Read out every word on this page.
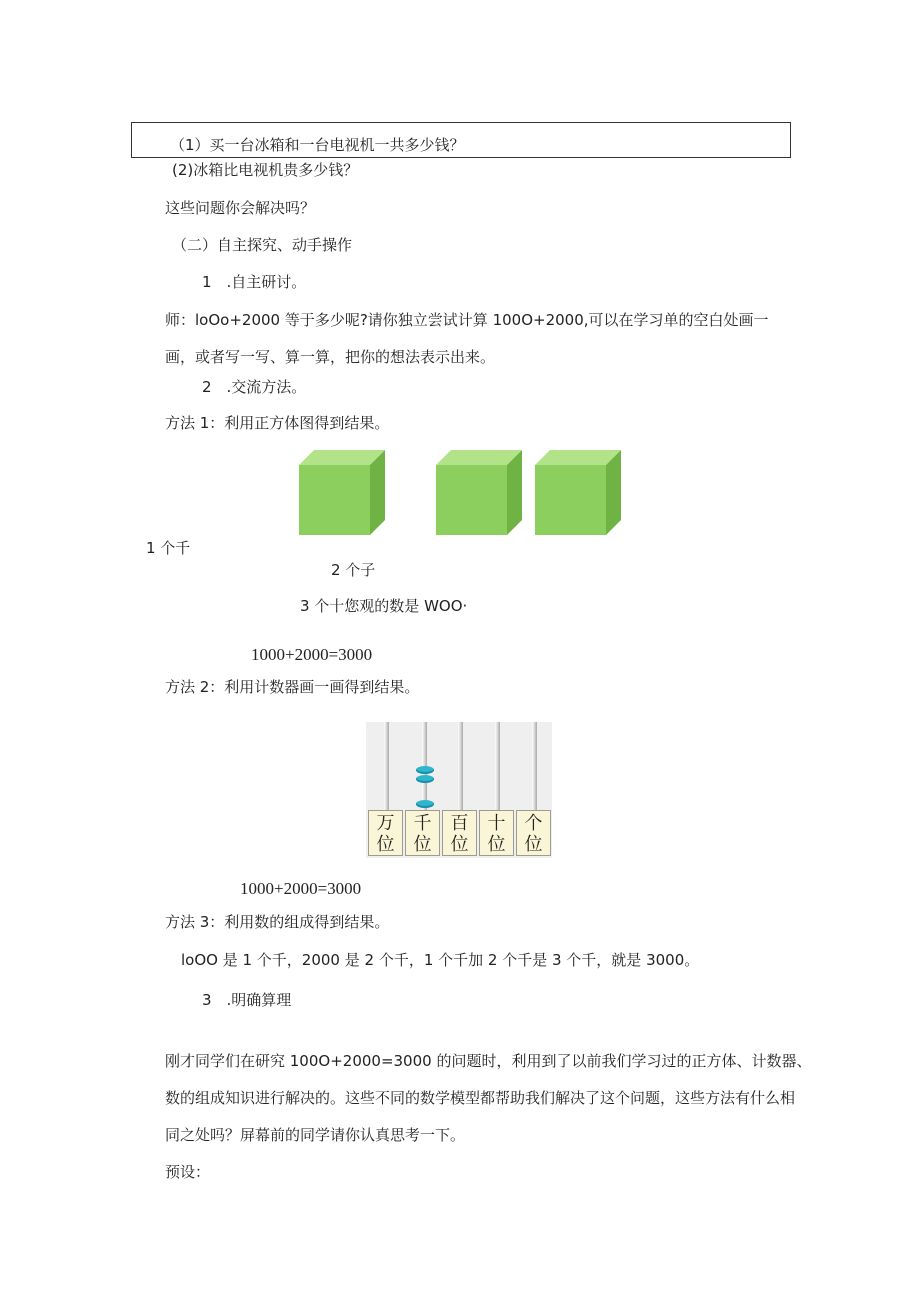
（1）买一台冰箱和一台电视机一共多少钱？
(2)冰箱比电视机贵多少钱？
这些问题你会解决吗？
（二）自主探究、动手操作
1　.自主研讨。
师：loOo+2000 等于多少呢?请你独立尝试计算 100O+2000,可以在学习单的空白处画一
画，或者写一写、算一算，把你的想法表示出来。
2　.交流方法。
方法 1：利用正方体图得到结果。
1 个千
2 个子
3 个十您观的数是 WOO·
1000+2000=3000
方法 2：利用计数器画一画得到结果。
万
位
千
位
百
位
十
位
个
位
1000+2000=3000
方法 3：利用数的组成得到结果。
loOO 是 1 个千，2000 是 2 个千，1 个千加 2 个千是 3 个千，就是 3000。
3　.明确算理
刚才同学们在研究 100O+2000=3000 的问题时，利用到了以前我们学习过的正方体、计数器、
数的组成知识进行解决的。这些不同的数学模型都帮助我们解决了这个问题，这些方法有什么相
同之处吗？屏幕前的同学请你认真思考一下。
预设：
